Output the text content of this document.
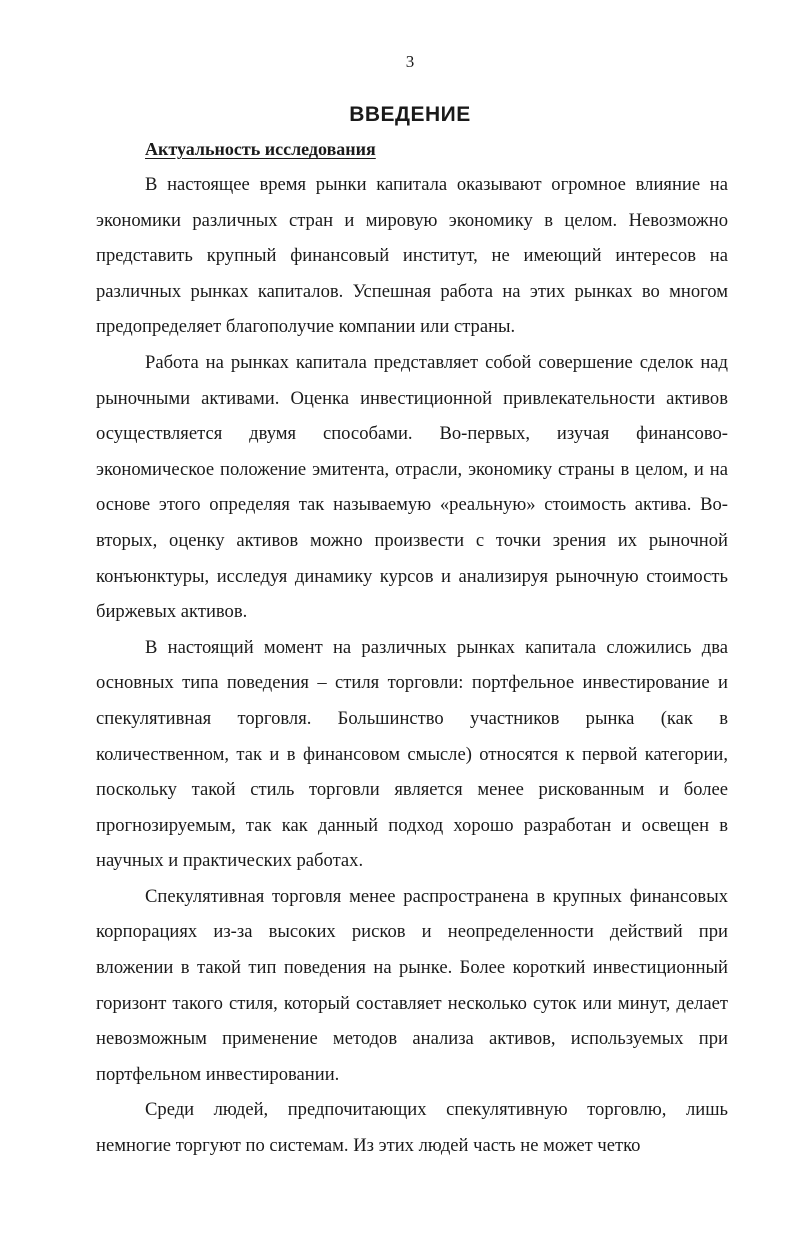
3
ВВЕДЕНИЕ
Актуальность исследования

В настоящее время рынки капитала оказывают огромное влияние на экономики различных стран и мировую экономику в целом. Невозможно представить крупный финансовый институт, не имеющий интересов на различных рынках капиталов. Успешная работа на этих рынках во многом предопределяет благополучие компании или страны.

Работа на рынках капитала представляет собой совершение сделок над рыночными активами. Оценка инвестиционной привлекательности активов осуществляется двумя способами. Во-первых, изучая финансово-экономическое положение эмитента, отрасли, экономику страны в целом, и на основе этого определяя так называемую «реальную» стоимость актива. Во-вторых, оценку активов можно произвести с точки зрения их рыночной конъюнктуры, исследуя динамику курсов и анализируя рыночную стоимость биржевых активов.

В настоящий момент на различных рынках капитала сложились два основных типа поведения – стиля торговли: портфельное инвестирование и спекулятивная торговля. Большинство участников рынка (как в количественном, так и в финансовом смысле) относятся к первой категории, поскольку такой стиль торговли является менее рискованным и более прогнозируемым, так как данный подход хорошо разработан и освещен в научных и практических работах.

Спекулятивная торговля менее распространена в крупных финансовых корпорациях из-за высоких рисков и неопределенности действий при вложении в такой тип поведения на рынке. Более короткий инвестиционный горизонт такого стиля, который составляет несколько суток или минут, делает невозможным применение методов анализа активов, используемых при портфельном инвестировании.

Среди людей, предпочитающих спекулятивную торговлю, лишь немногие торгуют по системам. Из этих людей часть не может четко
